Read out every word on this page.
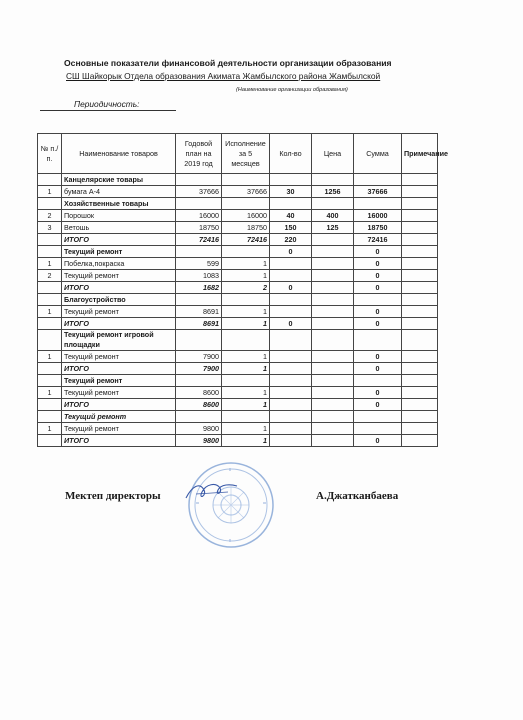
Основные показатели финансовой деятельности организации образования
СШ Шайкорык Отдела образования Акимата Жамбылского района Жамбылской
(Наименование организации образования)
Периодичность:
№ п./п.	Наименование товаров	Годовой план на 2019 год	Исполнение за 5 месяцев	Кол-во	Цена	Сумма	Примечание
	Канцелярские товары						
1	бумага А-4	37666	37666	30	1256	37666	
	Хозяйственные товары						
2	Порошок	16000	16000	40	400	16000	
3	Ветошь	18750	18750	150	125	18750	
	ИТОГО	72416	72416	220		72416	
	Текущий ремонт			0		0	
1	Побелка,покраска	599	1			0	
2	Текущий ремонт	1083	1			0	
	ИТОГО	1682	2	0		0	
	Благоустройство						
1	Текущий ремонт	8691	1			0	
	ИТОГО	8691	1	0		0	
	Текущий ремонт игровой площадки						
1	Текущий ремонт	7900	1			0	
	ИТОГО	7900	1			0	
	Текущий ремонт						
1	Текущий ремонт	8600	1			0	
	ИТОГО	8600	1			0	
	Текущий ремонт						
1	Текущий ремонт	9800	1				
	ИТОГО	9800	1			0	
Мектеп директоры	А.Джатканбаева
